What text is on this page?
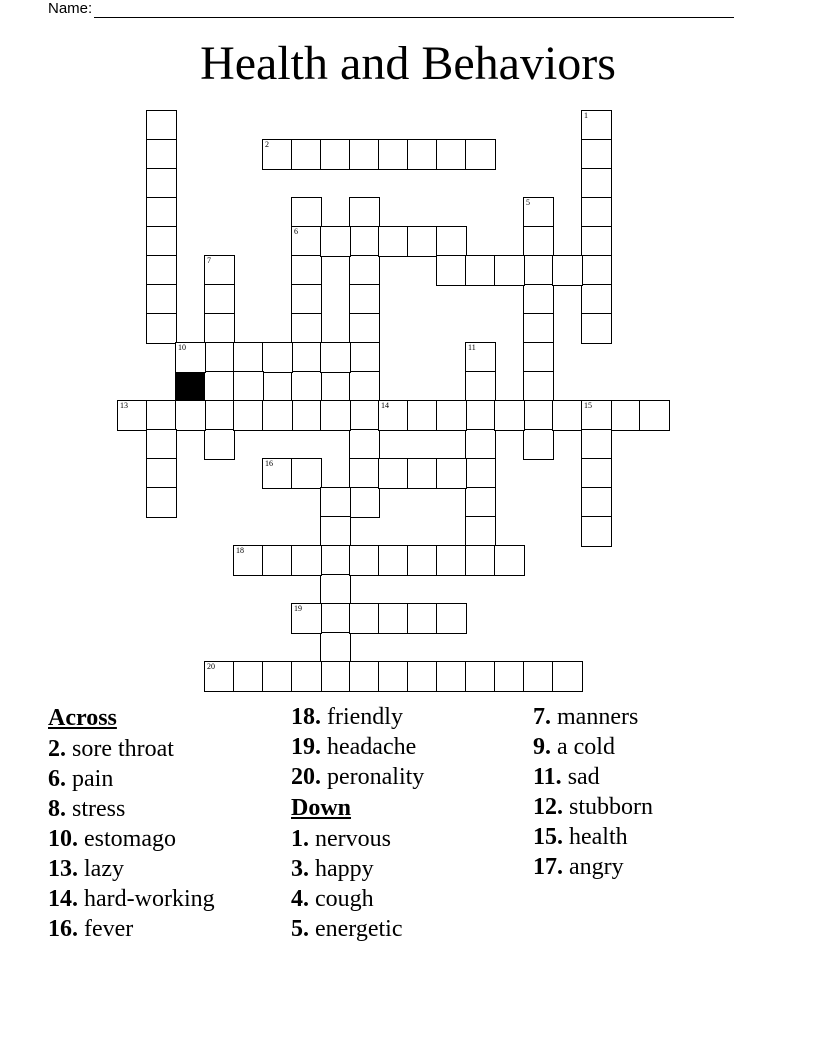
Name:
Health and Behaviors
1
2
6
5
7
10	11
13	14	15
16
18
19
20
Across
2. sore throat
6. pain
8. stress
10. estomago
13. lazy
14. hard-working
16. fever
18. friendly
19. headache
20. peronality
Down
1. nervous
3. happy
4. cough
5. energetic
7. manners
9. a cold
11. sad
12. stubborn
15. health
17. angry
